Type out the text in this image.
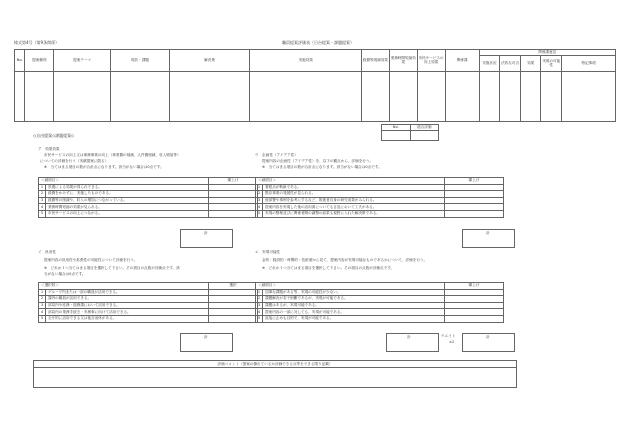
様式第4号（第9条関係）	職員提案評価表（日台提案・課題提案）
No.	提案種別	提案テーマ	現状・課題	解決策	実施効果	経費等削減効果	業務時間短縮効果	市民サービスの向上効果	関係課	関係課意見				
										実施状況	法的な可否	効果	実現の可能性	特記事項

No.	総合評価

◇自由提案◇課題提案◇
ア　効果効果
市民サービスの向上又は事務事業の向上（事業費の削減、人件費削減、収入増加等）
についての評価を行う（実績提案に限る）
※　当てはまる項目の数が合計点になります。該当がない場合は0点です。
＜細項目＞		陳上げ
1	設置による効果が得られできる。	
2	経費をかけずに、実施したものである。	
3	経費等の削減や、収入の増加につながっている。	
4	業務時間短縮の効果が見られる。	
5	市民サービスの向上につながる。	
計
ウ　企画性（アイデア性）
提案内容の企画性（アイデア性）を、以下の観点から、評価を行う。
※　当てはまる項目の数が合計点になります。該当がない場合は0点です。
＜細項目＞		陳上げ
1	着眼点が斬新である。	
2	既存事業の発展性が見られる。	
3	他部署や事例を参考にするなど、推進者自身の研究成果がみられる。	
4	提案内容を実現した後の活用面についても言及において工夫がある。	
5	実現の整理並びに関係者間の調整の結果も視野に入れた解決策である。	
計
イ　汎用性
提案内容の汎用性や拡張性の可能性について評価を行う。
※　どれか１つ当てはまる項目を選択して下さい。その項目の点数が評価点です。該
当がない場合は0点です。
＜選択肢＞		選択
1	グループ内または一部の職員が活用できる。	
2	課内の職員が活用できる。	
3	部局内や庶務・総務課において活用できる。	
4	部局内の業務手続き・実務事に向けて活用できる。	
5	全庁的に活用できる又は他自治体がある。	
計
エ　実現可能性
金的・経済的・時間的・技術面から見て、提案内容が実現可能なものであるかについて、評価を行う。
※　どれか１つ当てはまる項目を選択して下さい。その項目の点数が評価点です。
＜細項目＞		陳上げ
1	加筆な課題がある等、実現の可能性が少ない。	
2	課題解決が若干困難であるが、実現が可能である。	
3	課題はあるが、実現可能である。	
4	提案内容の一部に対しても、実現が可能である。	
5	直接に止めも目的で、実現が可能である。	
計	ウエイト
×2
計
評価コメント（提案の優れているか評価できる点等をできる限り記載）
